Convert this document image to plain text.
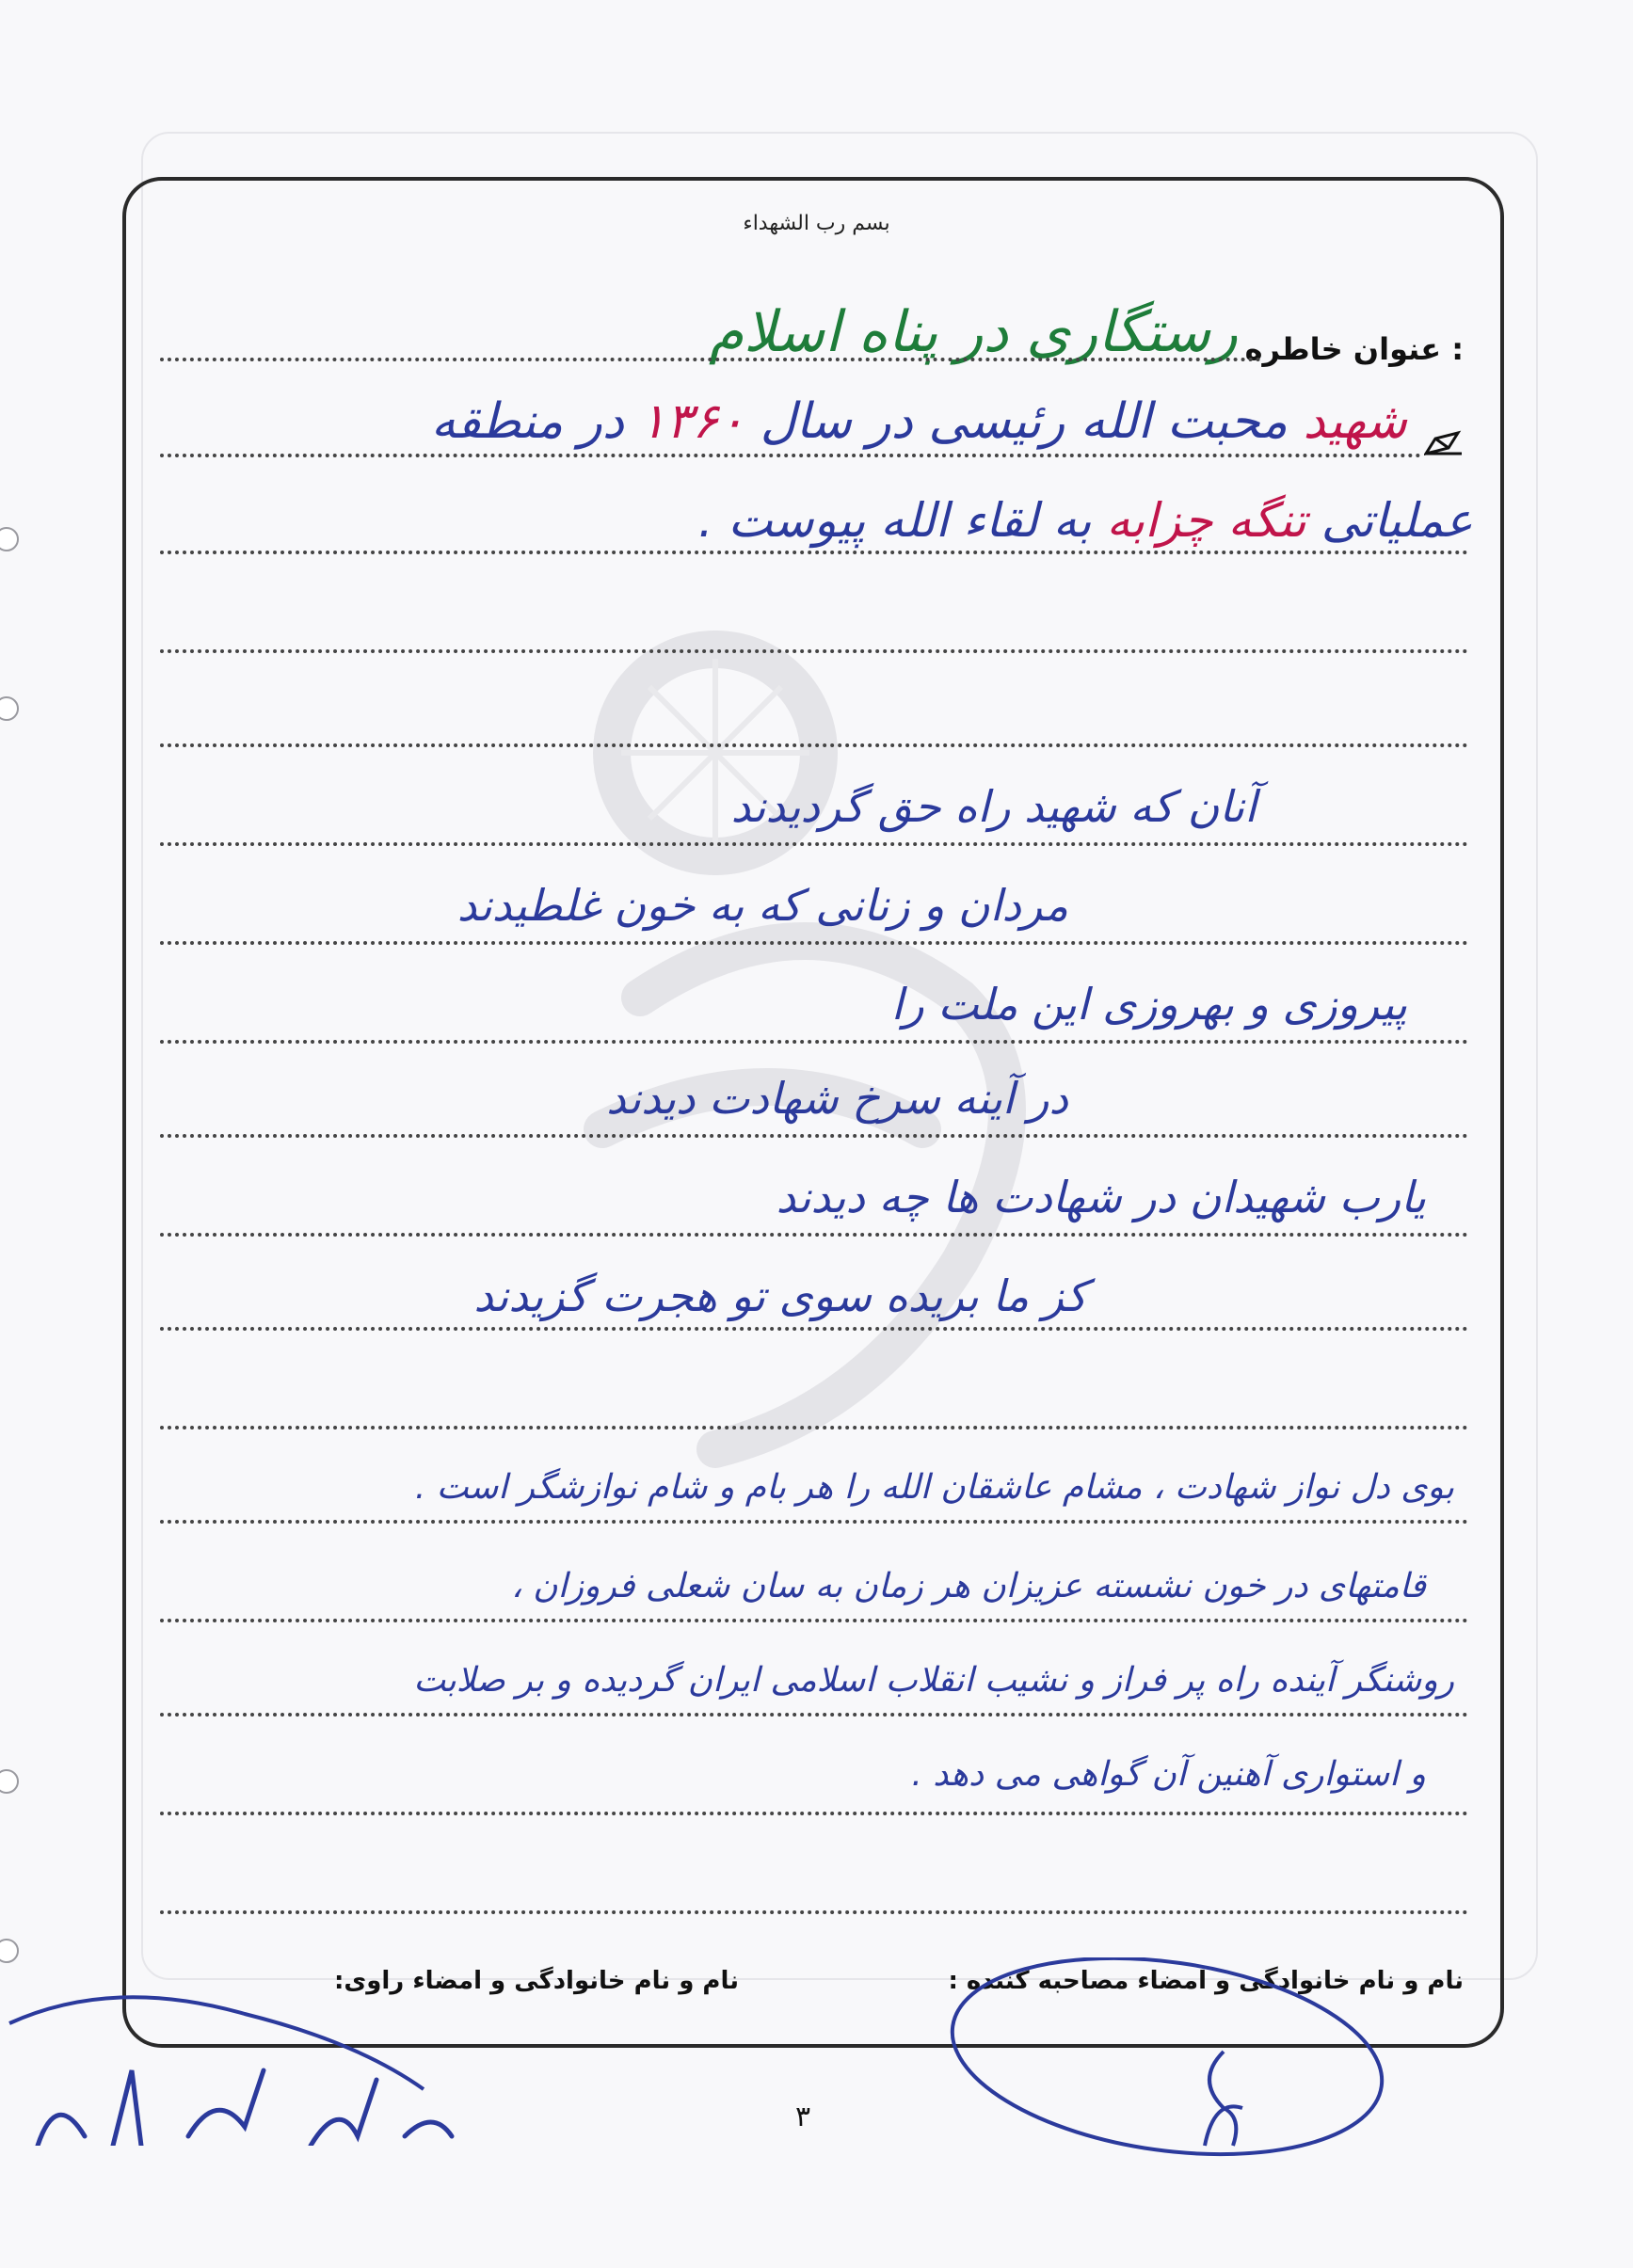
بسم رب الشهداء
عنوان خاطره :
رستگاری در پناه اسلام
شهید محبت الله رئیسی در سال ۱۳۶۰ در منطقه
عملیاتی تنگه چزابه به لقاء الله پیوست .
آنان که شهید راه حق گردیدند
مردان و زنانی که به خون غلطیدند
پیروزی و بهروزی این ملت را
در آینه سرخ شهادت دیدند
یارب شهیدان در شهادت ها چه دیدند
کز ما بریده سوی تو هجرت گزیدند
بوی دل نواز شهادت ، مشام عاشقان الله را هر بام و شام نوازشگر است .
قامتهای در خون نشسته عزیزان هر زمان به سان شعلی فروزان ،
روشنگر آینده راه پر فراز و نشیب انقلاب اسلامی ایران گردیده و بر صلابت
و استواری آهنین آن گواهی می دهد .
نام و نام خانوادگی و امضاء مصاحبه کننده :
نام و نام خانوادگی و امضاء راوی:
۳
